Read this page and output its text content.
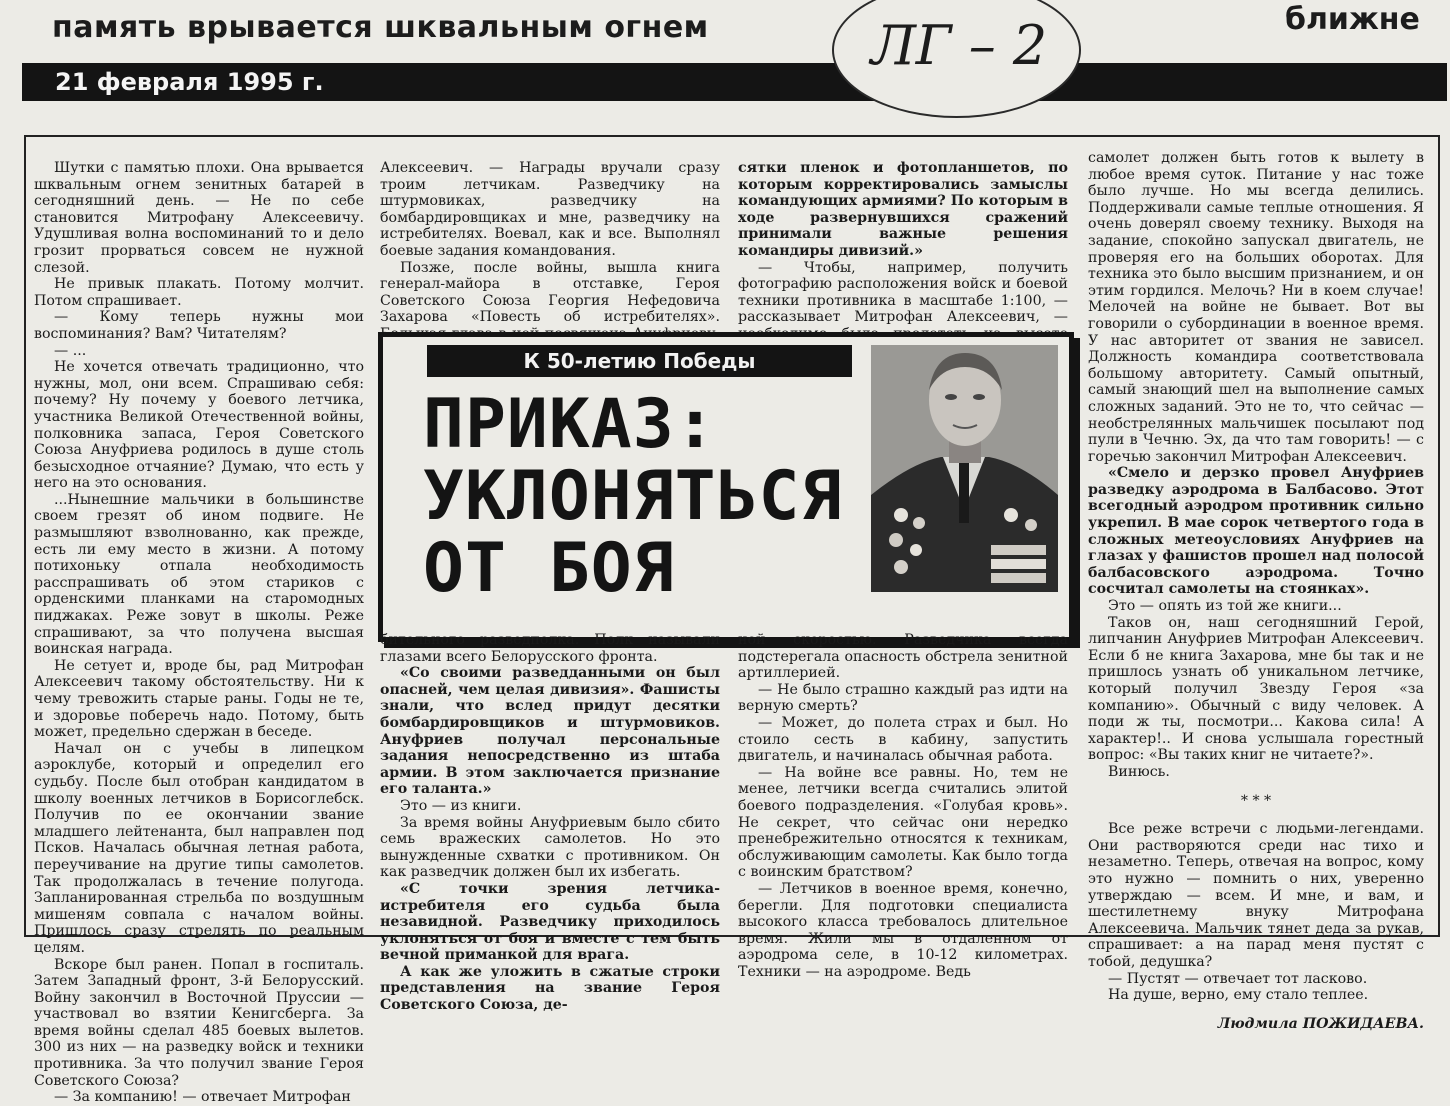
память врывается шквальным огнем	ближне
21 февраля 1995 г.
ЛГ – 2

Шутки с памятью плохи. Она врывается шквальным огнем зенитных батарей в сегодняшний день. — Не по себе становится Митрофану Алексеевичу. Удушливая волна воспоминаний то и дело грозит прорваться совсем не нужной слезой.

Не привык плакать. Потому молчит. Потом спрашивает.

— Кому теперь нужны мои воспоминания? Вам? Читателям?

— ...

Не хочется отвечать традиционно, что нужны, мол, они всем. Спрашиваю себя: почему? Ну почему у боевого летчика, участника Великой Отечественной войны, полковника запаса, Героя Советского Союза Ануфриева родилось в душе столь безысходное отчаяние? Думаю, что есть у него на это основания.

...Нынешние мальчики в большинстве своем грезят об ином подвиге. Не размышляют взволнованно, как прежде, есть ли ему место в жизни. А потому потихоньку отпала необходимость расспрашивать об этом стариков с орденскими планками на старомодных пиджаках. Реже зовут в школы. Реже спрашивают, за что получена высшая воинская награда.

Не сетует и, вроде бы, рад Митрофан Алексеевич такому обстоятельству. Ни к чему тревожить старые раны. Годы не те, и здоровье поберечь надо. Потому, быть может, предельно сдержан в беседе.

Начал он с учебы в липецком аэроклубе, который и определил его судьбу. После был отобран кандидатом в школу военных летчиков в Борисоглебск. Получив по ее окончании звание младшего лейтенанта, был направлен под Псков. Началась обычная летная работа, переучивание на другие типы самолетов. Так продолжалась в течение полугода. Запланированная стрельба по воздушным мишеням совпала с началом войны. Пришлось сразу стрелять по реальным целям.

Вскоре был ранен. Попал в госпиталь. Затем Западный фронт, 3-й Белорусский. Войну закончил в Восточной Пруссии — участвовал во взятии Кенигсберга. За время войны сделал 485 боевых вылетов. 300 из них — на разведку войск и техники противника. За что получил звание Героя Советского Союза?

— За компанию! — отвечает Митрофан

Алексеевич. — Награды вручали сразу троим летчикам. Разведчику на штурмовиках, разведчику на бомбардировщиках и мне, разведчику на истребителях. Воевал, как и все. Выполнял боевые задания командования.

Позже, после войны, вышла книга генерал-майора в отставке, Героя Советского Союза Георгия Нефедовича Захарова «Повесть об истребителях».

сятки пленок и фотопланшетов, по которым корректировались замыслы командующих армиями? По которым в ходе развернувшихся сражений принимали важные решения командиры дивизий.»

— Чтобы, например, получить фотографию расположения войск и боевой техники противника в масштабе 1:100, — рассказывает Митрофан Алексеевич, —

К 50-летию Победы
ПРИКАЗ:
УКЛОНЯТЬСЯ
ОТ БОЯ

бительного разведполка. Полк называли глазами всего Белорусского фронта.

«Со своими разведданными он был опасней, чем целая дивизия». Фашисты знали, что вслед придут десятки бомбардировщиков и штурмовиков. Ануфриев получал персональные задания непосредственно из штаба армии. В этом заключается признание его таланта.»

Это — из книги.

За время войны Ануфриевым было сбито семь вражеских самолетов. Но это вынужденные схватки с противником. Он как разведчик должен был их избегать.

«С точки зрения летчика-истребителя его судьба была незавидной. Разведчику приходилось уклоняться от боя и вместе с тем быть вечной приманкой для врага.

А как же уложить в сжатые строки представления на звание Героя Советского Союза, де-

ной скоростью. Разведчика всегда подстерегала опасность обстрела зенитной артиллерией.

— Не было страшно каждый раз идти на верную смерть?

— Может, до полета страх и был. Но стоило сесть в кабину, запустить двигатель, и начиналась обычная работа.

— На войне все равны. Но, тем не менее, летчики всегда считались элитой боевого подразделения. «Голубая кровь». Не секрет, что сейчас они нередко пренебрежительно относятся к техникам, обслуживающим самолеты. Как было тогда с воинским братством?

— Летчиков в военное время, конечно, берегли. Для подготовки специалиста высокого класса требовалось длительное время. Жили мы в отдаленном от аэродрома селе, в 10-12 километрах. Техники — на аэродроме. Ведь

самолет должен быть готов к вылету в любое время суток. Питание у нас тоже было лучше. Но мы всегда делились. Поддерживали самые теплые отношения. Я очень доверял своему технику. Выходя на задание, спокойно запускал двигатель, не проверяя его на больших оборотах. Для техника это было высшим признанием, и он этим гордился. Мелочь? Ни в коем случае! Мелочей на войне не бывает. Вот вы говорили о субординации в военное время. У нас авторитет от звания не зависел. Должность командира соответствовала большому авторитету. Самый опытный, самый знающий шел на выполнение самых сложных заданий. Это не то, что сейчас — необстрелянных мальчишек посылают под пули в Чечню. Эх, да что там говорить! — с горечью закончил Митрофан Алексеевич.

«Смело и дерзко провел Ануфриев разведку аэродрома в Балбасово. Этот всегодный аэродром противник сильно укрепил. В мае сорок четвертого года в сложных метеоусловиях Ануфриев на глазах у фашистов прошел над полосой балбасовского аэродрома. Точно сосчитал самолеты на стоянках».

Это — опять из той же книги...

Таков он, наш сегодняшний Герой, липчанин Ануфриев Митрофан Алексеевич. Если б не книга Захарова, мне бы так и не пришлось узнать об уникальном летчике, который получил Звезду Героя «за компанию». Обычный с виду человек. А поди ж ты, посмотри... Какова сила! А характер!.. И снова услышала горестный вопрос: «Вы таких книг не читаете?».

Винюсь.

* * *

Все реже встречи с людьми-легендами. Они растворяются среди нас тихо и незаметно. Теперь, отвечая на вопрос, кому это нужно — помнить о них, уверенно утверждаю — всем. И мне, и вам, и шестилетнему внуку Митрофана Алексеевича. Мальчик тянет деда за рукав, спрашивает: а на парад меня пустят с тобой, дедушка?

— Пустят — отвечает тот ласково.

На душе, верно, ему стало теплее.

Людмила ПОЖИДАЕВА.
